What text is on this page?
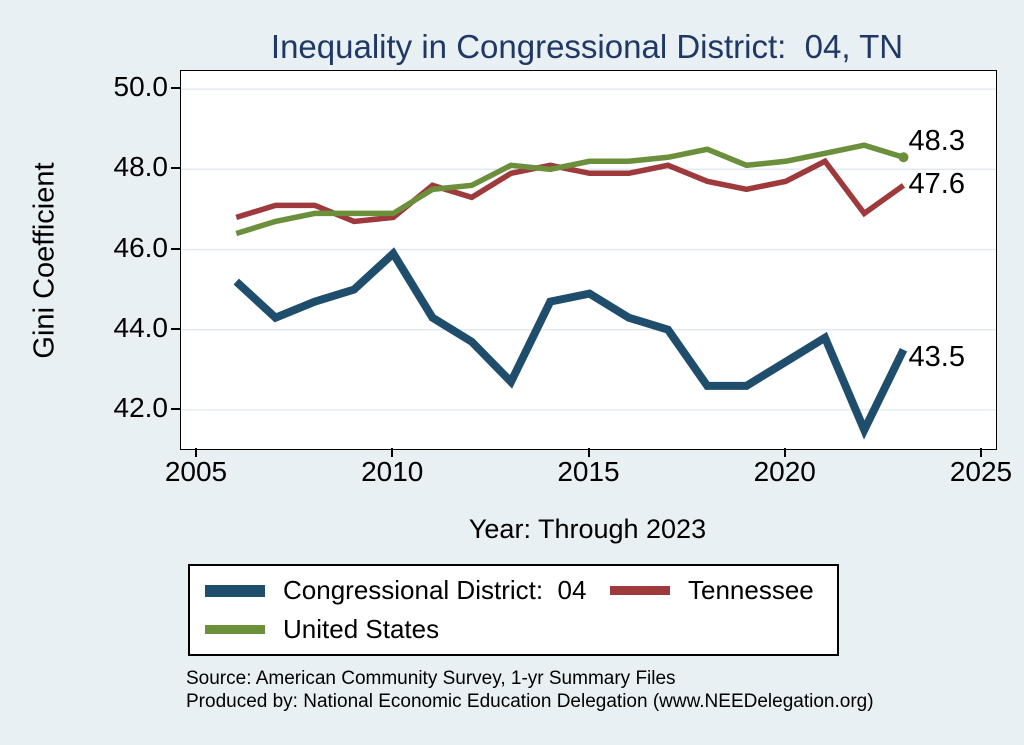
Inequality in Congressional District:  04, TN
42.0
44.0
46.0
48.0
50.0
2005	2010	2015	2020	2025
43.5
47.6
48.3
Gini Coefficient
Year: Through 2023
Congressional District:  04	Tennessee
United States
Source: American Community Survey, 1-yr Summary Files
Produced by: National Economic Education Delegation (www.NEEDelegation.org)
